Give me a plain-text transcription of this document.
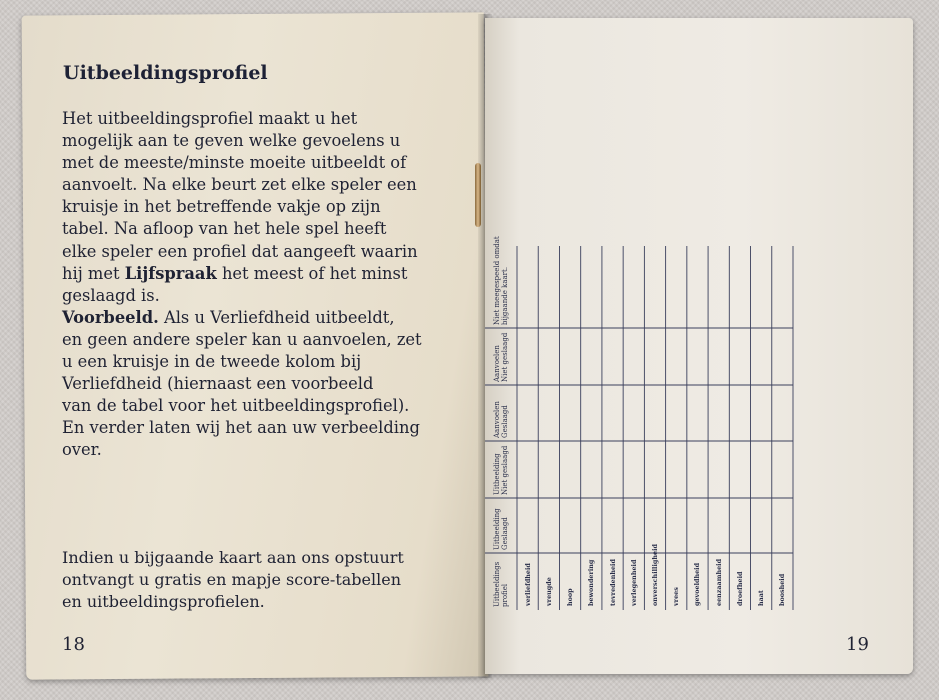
Uitbeeldingsprofiel
Het uitbeeldingsprofiel maakt u het
mogelijk aan te geven welke gevoelens u
met de meeste/minste moeite uitbeeldt of
aanvoelt. Na elke beurt zet elke speler een
kruisje in het betreffende vakje op zijn
tabel. Na afloop van het hele spel heeft
elke speler een profiel dat aangeeft waarin
hij met Lijfspraak het meest of het minst
geslaagd is.
Voorbeeld. Als u Verliefdheid uitbeeldt,
en geen andere speler kan u aanvoelen, zet
u een kruisje in de tweede kolom bij
Verliefdheid (hiernaast een voorbeeld
van de tabel voor het uitbeeldingsprofiel).
En verder laten wij het aan uw verbeelding
over.
Indien u bijgaande kaart aan ons opstuurt
ontvangt u gratis en mapje score-tabellen
en uitbeeldingsprofielen.
18	19
Uitbeeldings profiel
Uitbeelding Geslaagd
Uitbeelding Niet geslaagd
Aanvoelen Geslaagd
Aanvoelen Niet geslaagd
Niet meegespeeld omdat bijgaande kaart.
verliefdheid vreugde hoop bewondering tevredenheid verlegenheid onverschilligheid vrees gevoeldheid eenzaamheid droefheid haat boosheid
